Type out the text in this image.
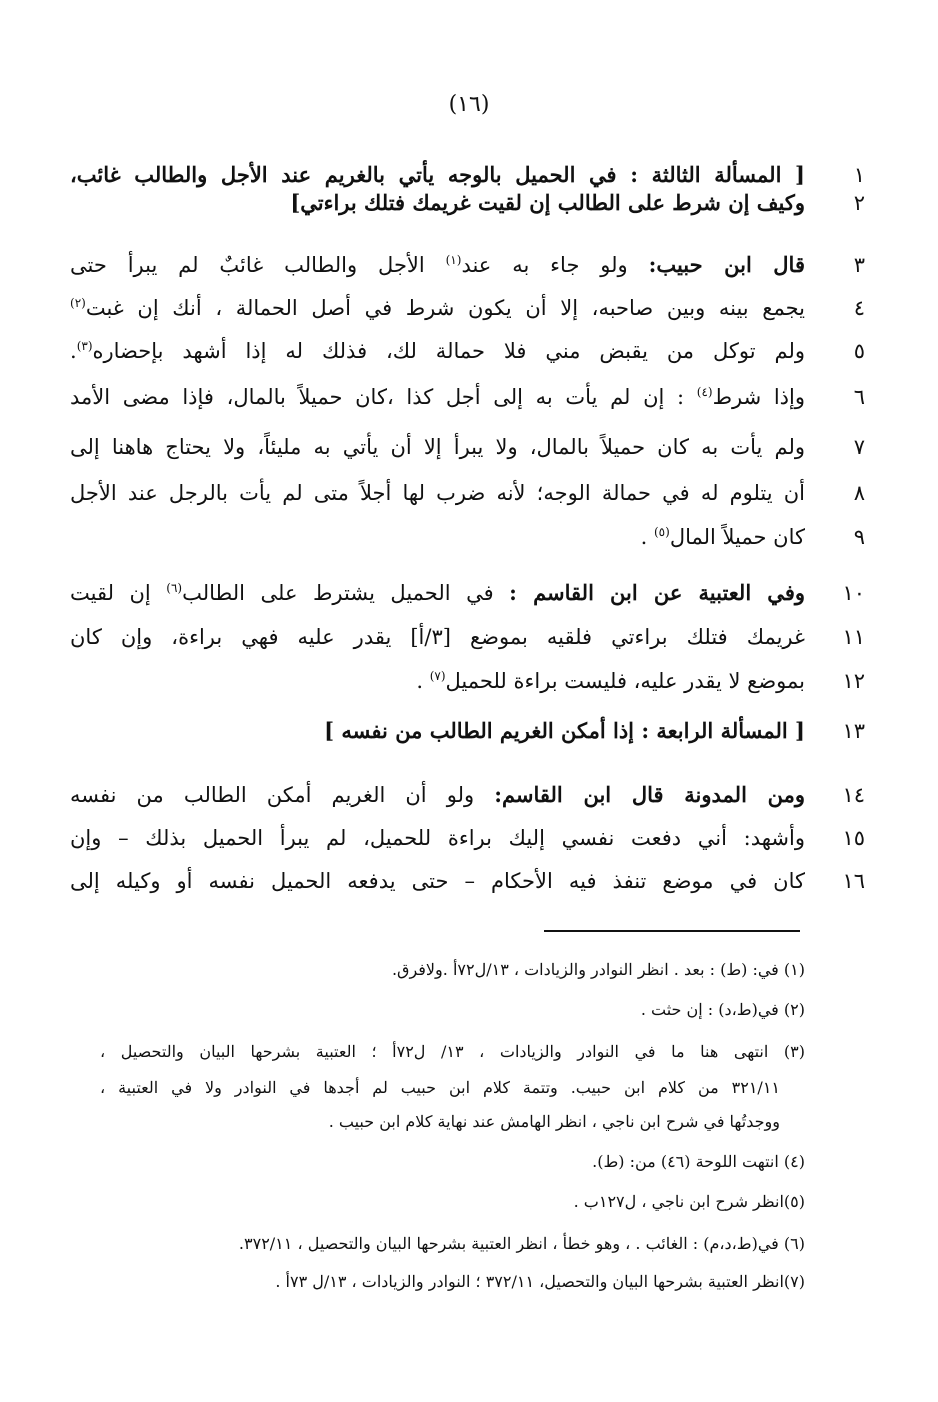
(١٦)
١
[ المسألة الثالثة : في الحميل بالوجه يأتي بالغريم عند الأجل والطالب غائب،
٢
وكيف إن شرط على الطالب إن لقيت غريمك فتلك براءتي]
٣
قال ابن حبيب: ولو جاء به عند$^{(١)}$ الأجل والطالب غائبٌ لم يبرأ حتى
٤
يجمع بينه وبين صاحبه، إلا أن يكون شرط في أصل الحمالة ، أنك إن غبت$^{(٢)}$
٥
ولم توكل من يقبض مني فلا حمالة لك، فذلك له إذا أشهد بإحضاره$^{(٣)}$.
٦
وإذا شرط$^{(٤)}$ : إن لم يأت به إلى أجل كذا ،كان حميلاً بالمال، فإذا مضى الأمد
٧
ولم يأت به كان حميلاً بالمال، ولا يبرأ إلا أن يأتي به مليئاً، ولا يحتاج هاهنا إلى
٨
أن يتلوم له في حمالة الوجه؛ لأنه ضرب لها أجلاً متى لم يأت بالرجل عند الأجل
٩
كان حميلاً المال$^{(٥)}$ .
١٠
وفي العتبية عن ابن القاسم : في الحميل يشترط على الطالب$^{(٦)}$ إن لقيت
١١
غريمك فتلك براءتي فلقيه بموضع [٣/أ] يقدر عليه فهي براءة، وإن كان
١٢
بموضع لا يقدر عليه، فليست براءة للحميل$^{(٧)}$ .
١٣
[ المسألة الرابعة : إذا أمكن الغريم الطالب من نفسه ]
١٤
ومن المدونة قال ابن القاسم: ولو أن الغريم أمكن الطالب من نفسه
١٥
وأشهد: أني دفعت نفسي إليك براءة للحميل، لم يبرأ الحميل بذلك – وإن
١٦
كان في موضع تنفذ فيه الأحكام – حتى يدفعه الحميل نفسه أو وكيله إلى
(١) في: (ط) : بعد . انظر النوادر والزيادات ، ١٣/ل٧٢أ .ولافرق.
(٢) في(ط،د) : إن حثت .
(٣) انتهى هنا ما في النوادر والزيادات ، ١٣/ ل٧٢أ ؛ العتبية بشرحها البيان والتحصيل ،
٣٢١/١١ من كلام ابن حبيب. وتتمة كلام ابن حبيب لم أجدها في النوادر ولا في العتبية ،
ووجدتُها في شرح ابن ناجي ، انظر الهامش عند نهاية كلام ابن حبيب .
(٤) انتهت اللوحة (٤٦) من: (ط).
(٥)انظر شرح ابن ناجي ، ل١٢٧ب .
(٦) في(ط،د،م) : الغائب . ، وهو خطأ ، انظر العتبية بشرحها البيان والتحصيل ، ٣٧٢/١١.
(٧)انظر العتبية بشرحها البيان والتحصيل، ٣٧٢/١١ ؛ النوادر والزيادات ، ١٣/ل ٧٣أ .
